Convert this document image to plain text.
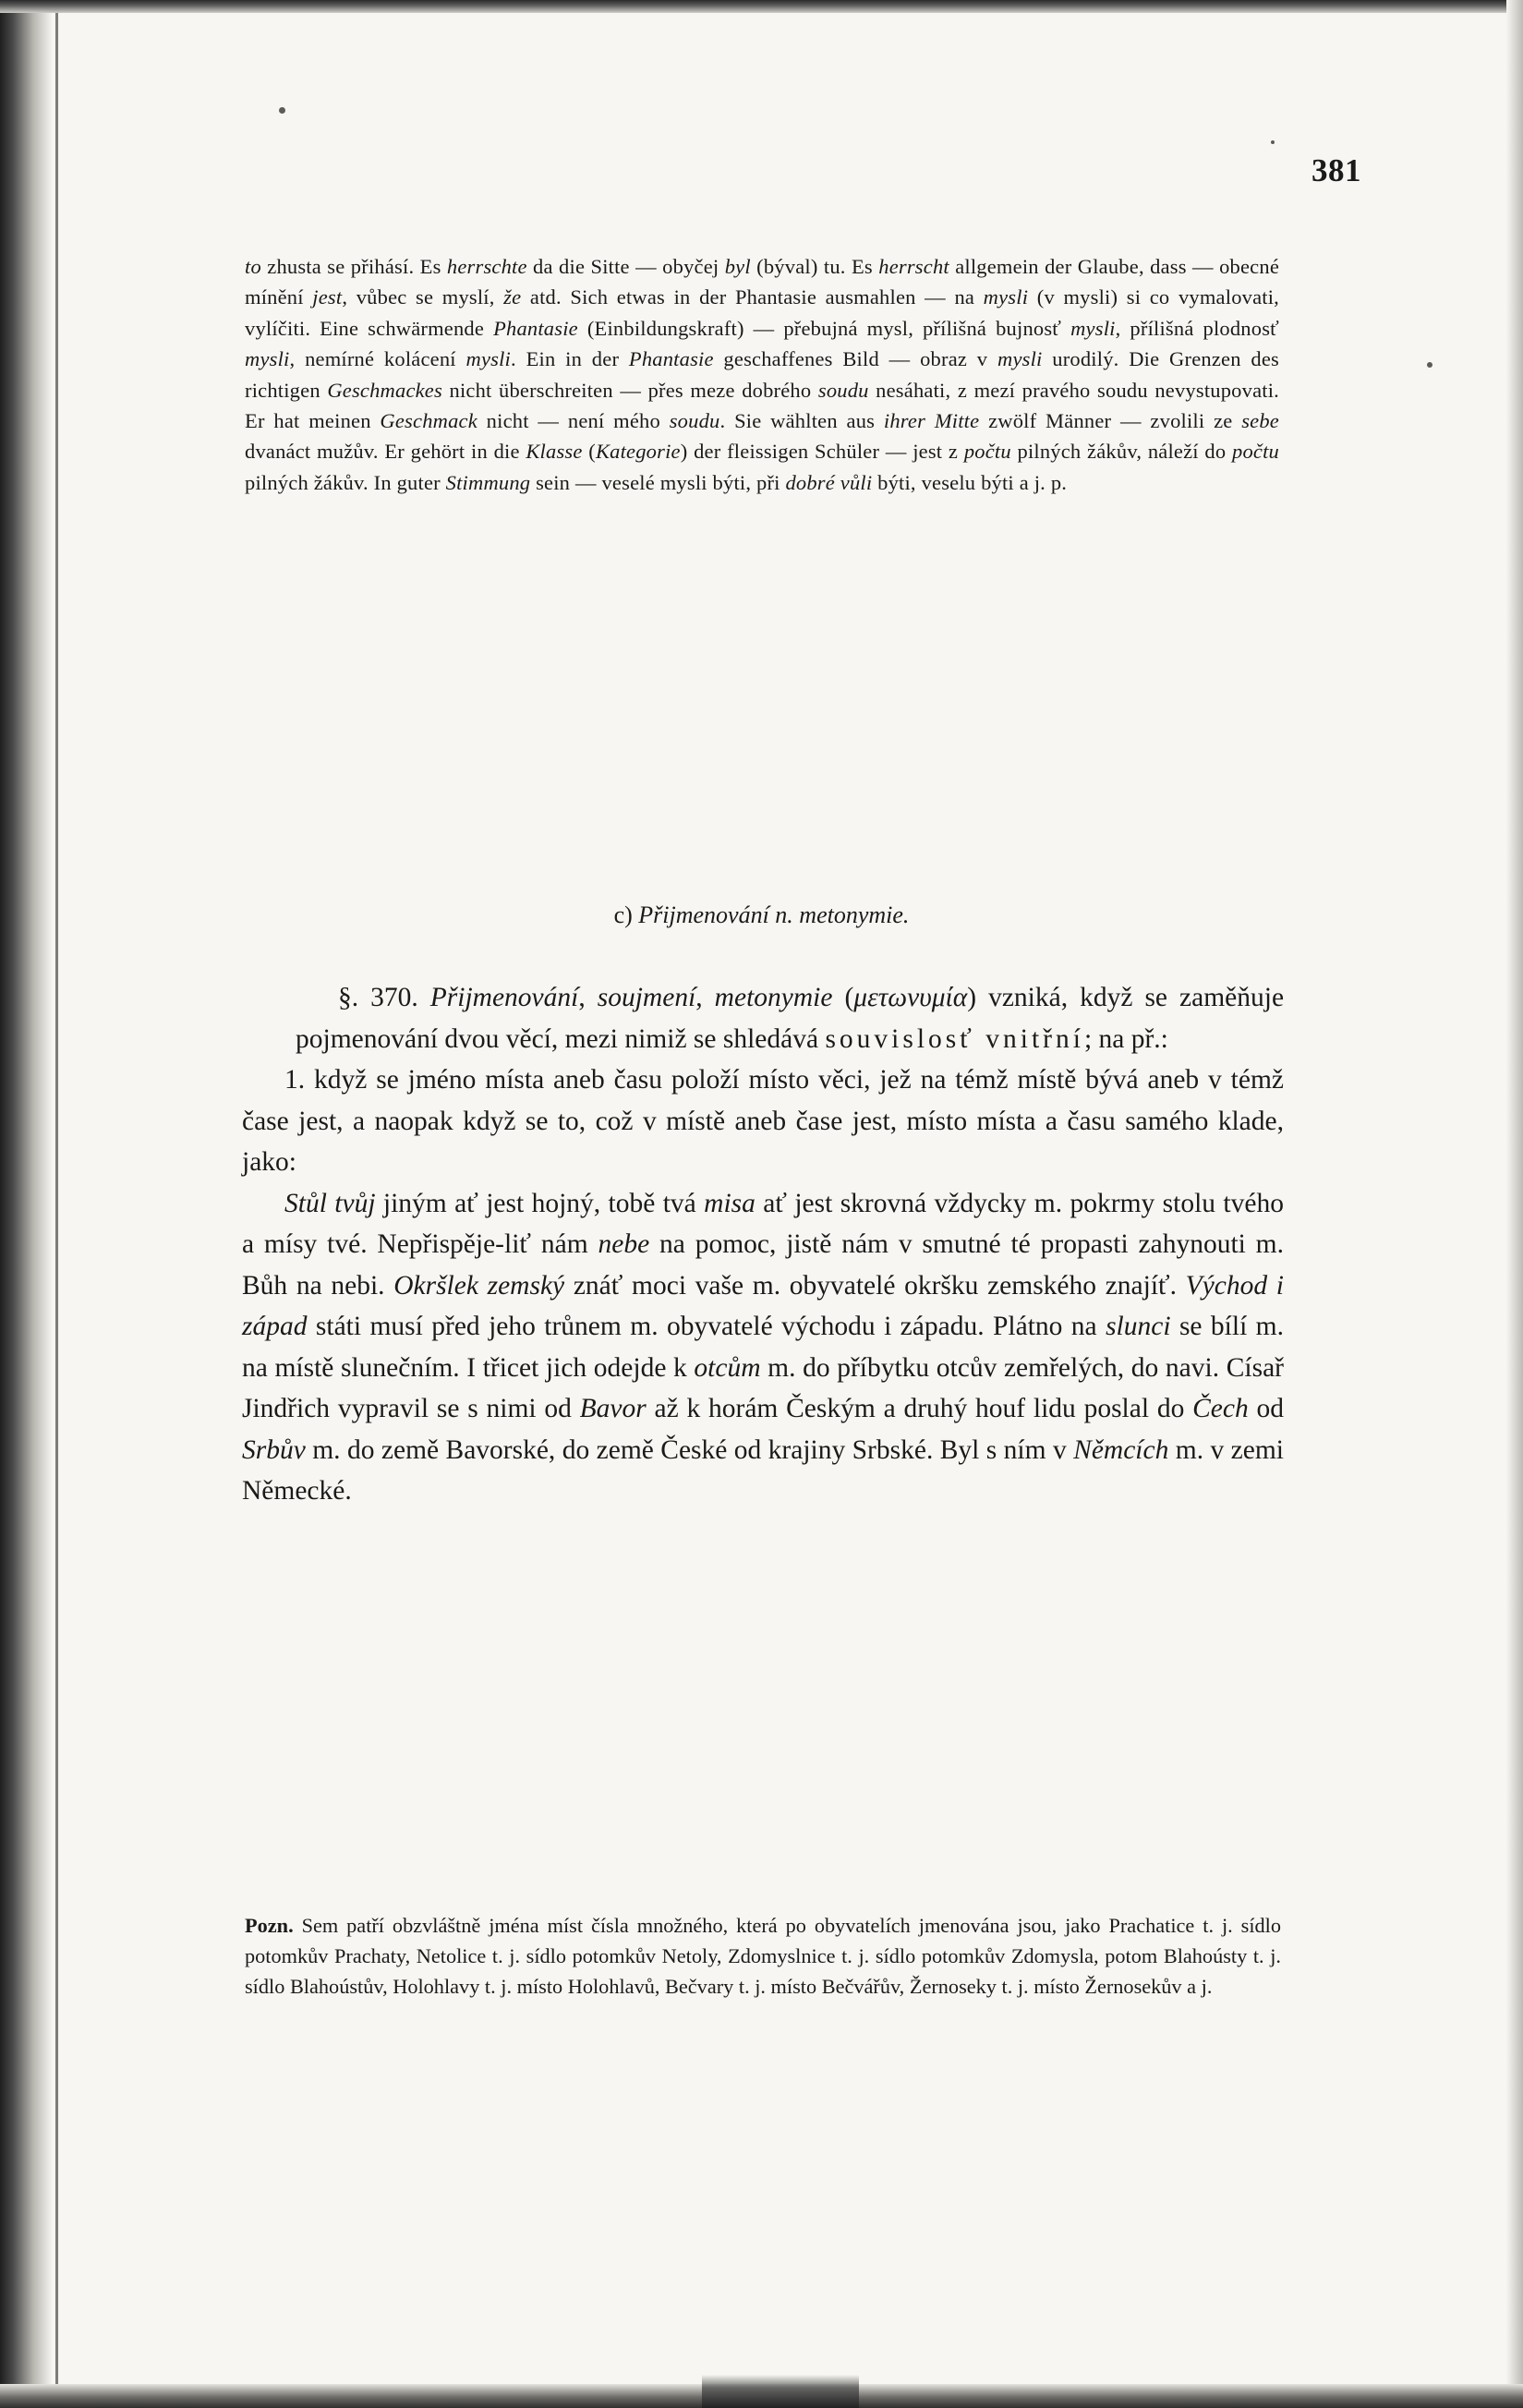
381
to zhusta se přihásí. Es herrschte da die Sitte — obyčej byl (býval) tu. Es herrscht allgemein der Glaube, dass — obecné mínění jest, vůbec se myslí, že atd. Sich etwas in der Phantasie ausmahlen — na mysli (v mysli) si co vymalovati, vylíčiti. Eine schwärmende Phantasie (Einbildungskraft) — přebujná mysl, přílišná bujnosť mysli, přílišná plodnosť mysli, nemírné kolácení mysli. Ein in der Phantasie geschaffenes Bild — obraz v mysli urodilý. Die Grenzen des richtigen Geschmackes nicht überschreiten — přes meze dobrého soudu nesáhati, z mezí pravého soudu nevystupovati. Er hat meinen Geschmack nicht — není mého soudu. Sie wählten aus ihrer Mitte zwölf Männer — zvolili ze sebe dvanáct mužův. Er gehört in die Klasse (Kategorie) der fleissigen Schüler — jest z počtu pilných žákův, náleží do počtu pilných žákův. In guter Stimmung sein — veselé mysli býti, při dobré vůli býti, veselu býti a j. p.
c) Přijmenování n. metonymie.

§. 370. Přijmenování, soujmení, metonymie (μετωνυμία) vzniká, když se zaměňuje pojmenování dvou věcí, mezi nimiž se shledává souvislosť vnitřní; na př.:

1. když se jméno místa aneb času položí místo věci, jež na témž místě bývá aneb v témž čase jest, a naopak když se to, což v místě aneb čase jest, místo místa a času samého klade, jako:

Stůl tvůj jiným ať jest hojný, tobě tvá misa ať jest skrovná vždycky m. pokrmy stolu tvého a mísy tvé. Nepřispěje-liť nám nebe na pomoc, jistě nám v smutné té propasti zahynouti m. Bůh na nebi. Okršlek zemský znáť moci vaše m. obyvatelé okršku zemského znajíť. Východ i západ státi musí před jeho trůnem m. obyvatelé východu i západu. Plátno na slunci se bílí m. na místě slunečním. I třicet jich odejde k otcům m. do příbytku otcův zemřelých, do navi. Císař Jindřich vypravil se s nimi od Bavor až k horám Českým a druhý houf lidu poslal do Čech od Srbův m. do země Bavorské, do země České od krajiny Srbské. Byl s ním v Němcích m. v zemi Německé.

Pozn. Sem patří obzvláštně jména míst čísla množného, která po obyvatelích jmenována jsou, jako Prachatice t. j. sídlo potomkův Prachaty, Netolice t. j. sídlo potomkův Netoly, Zdomyslnice t. j. sídlo potomkův Zdomysla, potom Blahoústy t. j. sídlo Blahoústův, Holohlavy t. j. místo Holohlavů, Bečvary t. j. místo Bečvářův, Žernoseky t. j. místo Žernosekův a j.
